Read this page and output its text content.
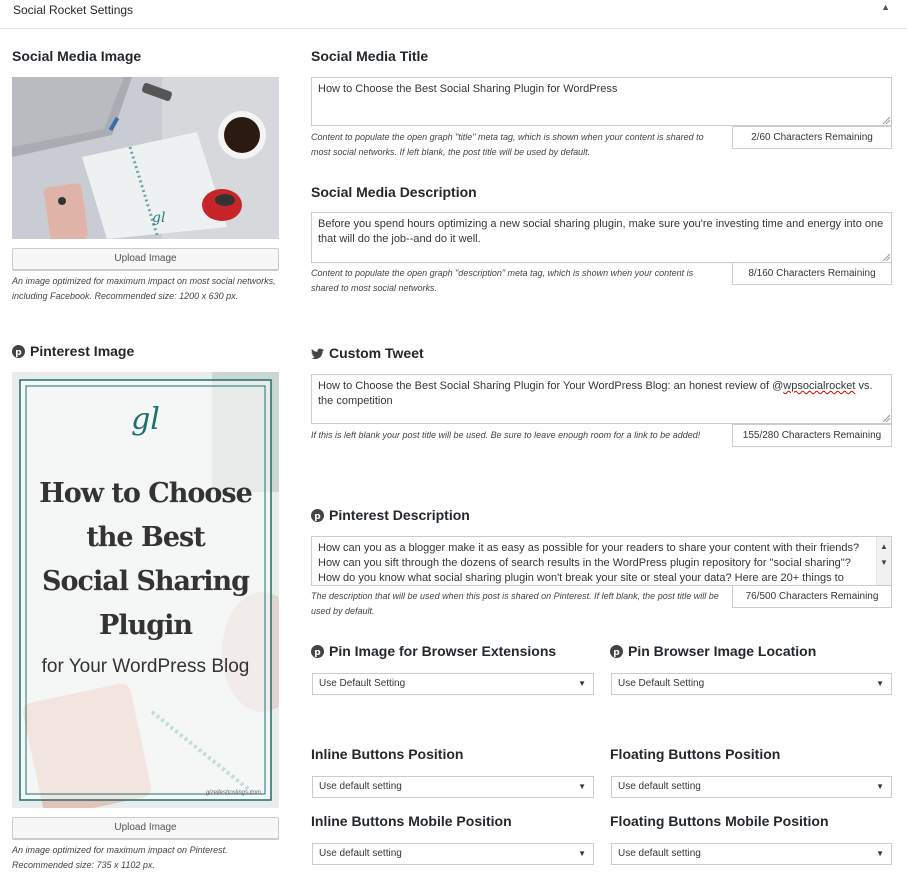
Social Rocket Settings	▲
Social Media Image
gl
Upload Image
An image optimized for maximum impact on most social networks, including Facebook. Recommended size: 1200 x 630 px.
p Pinterest Image
gl
How to Choose
the Best
Social Sharing
Plugin
for Your WordPress Blog
gizelleshoslings.com
Upload Image
An image optimized for maximum impact on Pinterest. Recommended size: 735 x 1102 px.
Social Media Title
How to Choose the Best Social Sharing Plugin for WordPress
Content to populate the open graph "title" meta tag, which is shown when your content is shared to most social networks. If left blank, the post title will be used by default.
2/60 Characters Remaining
Social Media Description
Before you spend hours optimizing a new social sharing plugin, make sure you're investing time and energy into one that will do the job--and do it well.
Content to populate the open graph "description" meta tag, which is shown when your content is shared to most social networks.
8/160 Characters Remaining
Custom Tweet
How to Choose the Best Social Sharing Plugin for Your WordPress Blog: an honest review of @wpsocialrocket vs. the competition
If this is left blank your post title will be used. Be sure to leave enough room for a link to be added!	155/280 Characters Remaining
p Pinterest Description
How can you as a blogger make it as easy as possible for your readers to share your content with their friends? How can you sift through the dozens of search results in the WordPress plugin repository for "social sharing"? How do you know what social sharing plugin won't break your site or steal your data? Here are 20+ things to
▲
▼
The description that will be used when this post is shared on Pinterest. If left blank, the post title will be used by default.
76/500 Characters Remaining
p Pin Image for Browser Extensions
Use Default Setting	▼
p Pin Browser Image Location
Use Default Setting	▼
Inline Buttons Position
Use default setting	▼
Floating Buttons Position
Use default setting	▼
Inline Buttons Mobile Position
Use default setting	▼
Floating Buttons Mobile Position
Use default setting	▼
